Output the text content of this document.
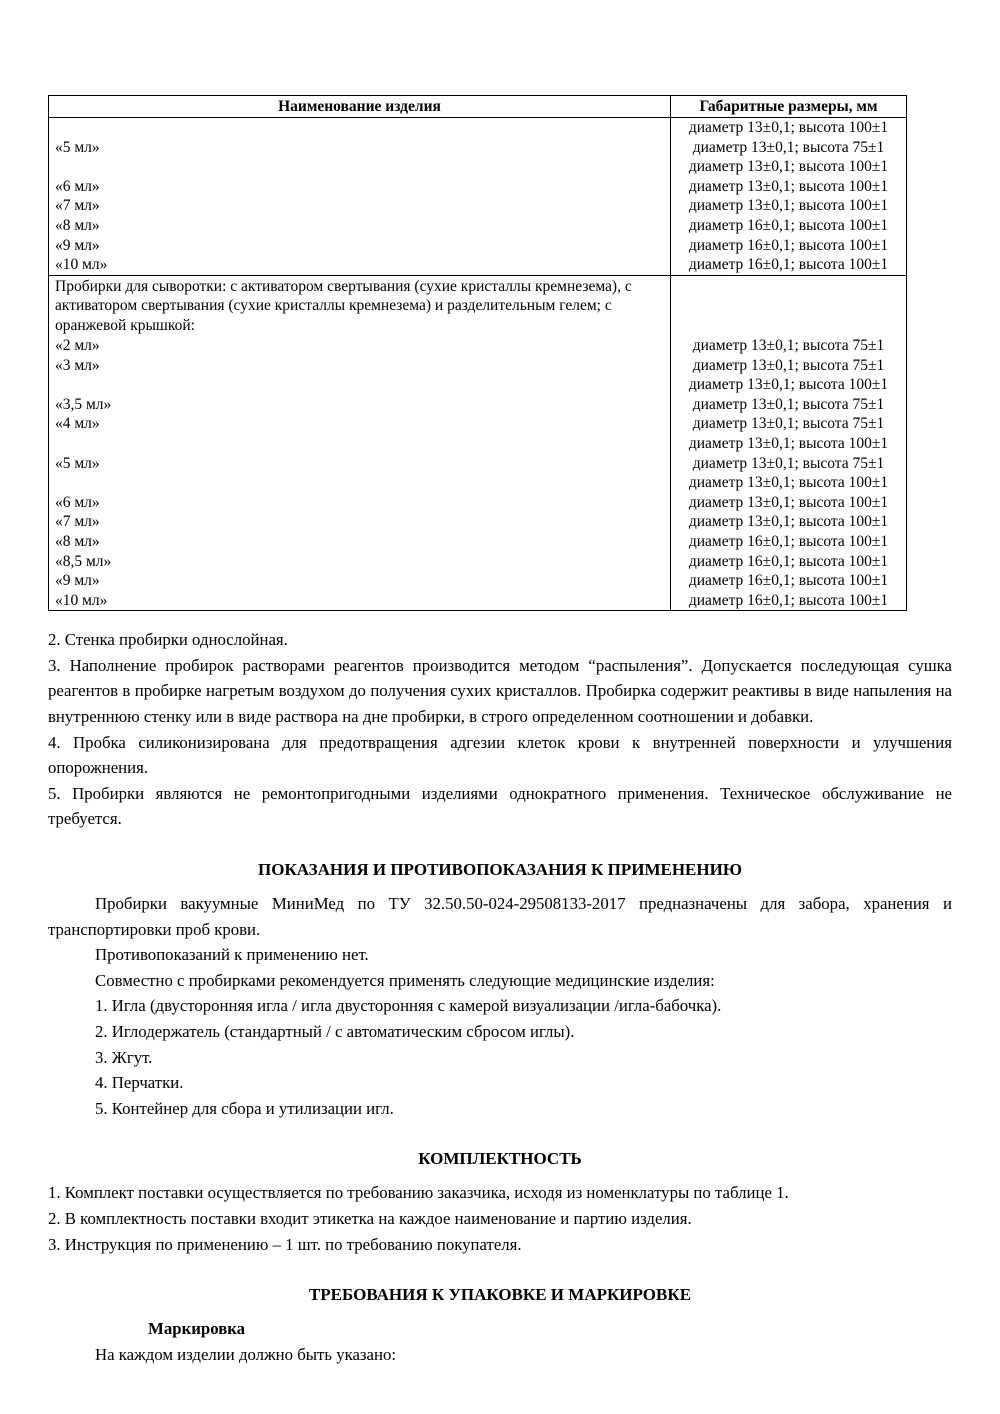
Наименование изделия	Габаритные размеры, мм
	диаметр 13±0,1; высота 100±1
«5 мл»	диаметр 13±0,1; высота 75±1
	диаметр 13±0,1; высота 100±1
«6 мл»	диаметр 13±0,1; высота 100±1
«7 мл»	диаметр 13±0,1; высота 100±1
«8 мл»	диаметр 16±0,1; высота 100±1
«9 мл»	диаметр 16±0,1; высота 100±1
«10 мл»	диаметр 16±0,1; высота 100±1
Пробирки для сыворотки: с активатором свертывания (сухие кристаллы кремнезема), с активатором свертывания (сухие кристаллы кремнезема) и разделительным гелем; с оранжевой крышкой:	
«2 мл»	диаметр 13±0,1; высота 75±1
«3 мл»	диаметр 13±0,1; высота 75±1
	диаметр 13±0,1; высота 100±1
«3,5 мл»	диаметр 13±0,1; высота 75±1
«4 мл»	диаметр 13±0,1; высота 75±1
	диаметр 13±0,1; высота 100±1
«5 мл»	диаметр 13±0,1; высота 75±1
	диаметр 13±0,1; высота 100±1
«6 мл»	диаметр 13±0,1; высота 100±1
«7 мл»	диаметр 13±0,1; высота 100±1
«8 мл»	диаметр 16±0,1; высота 100±1
«8,5 мл»	диаметр 16±0,1; высота 100±1
«9 мл»	диаметр 16±0,1; высота 100±1
«10 мл»	диаметр 16±0,1; высота 100±1

2. Стенка пробирки однослойная.

3. Наполнение пробирок растворами реагентов производится методом “распыления”. Допускается последующая сушка реагентов в пробирке нагретым воздухом до получения сухих кристаллов. Пробирка содержит реактивы в виде напыления на внутреннюю стенку или в виде раствора на дне пробирки, в строго определенном соотношении и добавки.

4. Пробка силиконизирована для предотвращения адгезии клеток крови к внутренней поверхности и улучшения опорожнения.

5. Пробирки являются не ремонтопригодными изделиями однократного применения. Техническое обслуживание не требуется.

ПОКАЗАНИЯ И ПРОТИВОПОКАЗАНИЯ К ПРИМЕНЕНИЮ

Пробирки вакуумные МиниМед по ТУ 32.50.50-024-29508133-2017 предназначены для забора, хранения и транспортировки проб крови.

Противопоказаний к применению нет.

Совместно с пробирками рекомендуется применять следующие медицинские изделия:

1. Игла (двусторонняя игла / игла двусторонняя с камерой визуализации /игла-бабочка).

2. Иглодержатель (стандартный / с автоматическим сбросом иглы).

3. Жгут.

4. Перчатки.

5. Контейнер для сбора и утилизации игл.

КОМПЛЕКТНОСТЬ

1. Комплект поставки осуществляется по требованию заказчика, исходя из номенклатуры по таблице 1.

2. В комплектность поставки входит этикетка на каждое наименование и партию изделия.

3. Инструкция по применению – 1 шт. по требованию покупателя.

ТРЕБОВАНИЯ К УПАКОВКЕ И МАРКИРОВКЕ

Маркировка

На каждом изделии должно быть указано:
